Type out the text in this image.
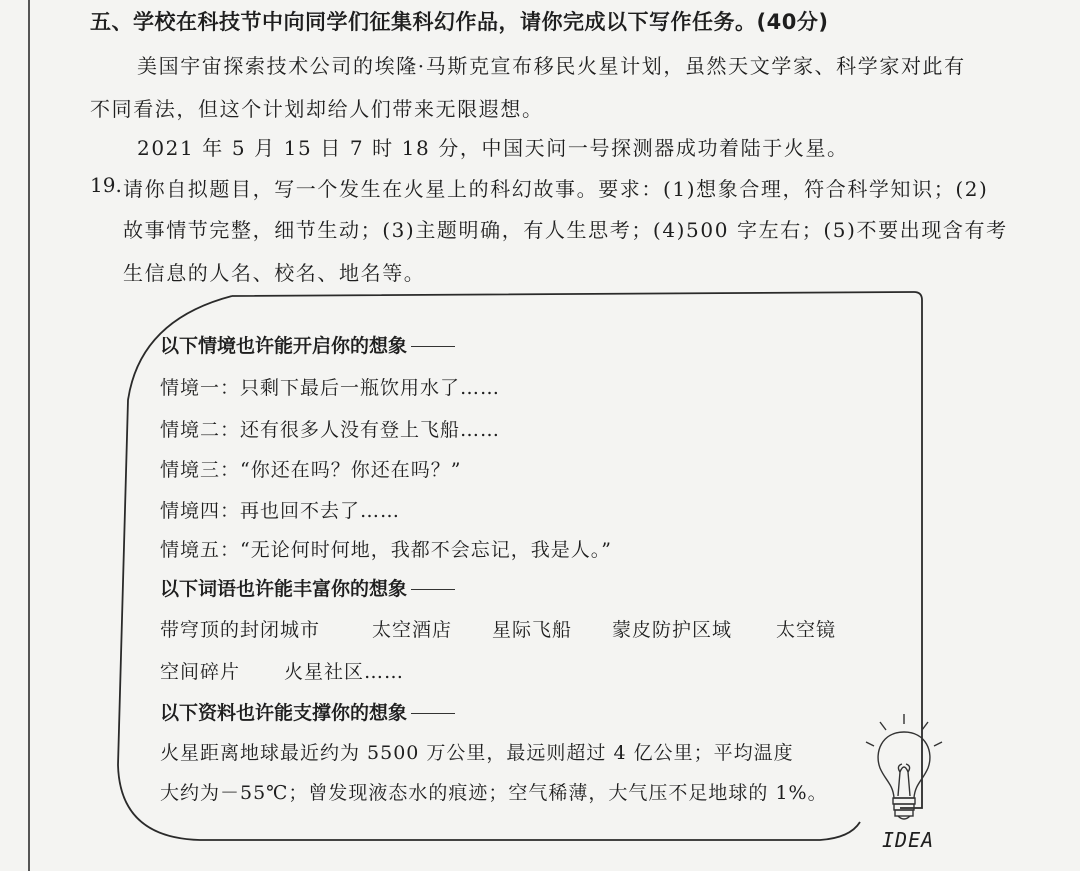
五、学校在科技节中向同学们征集科幻作品，请你完成以下写作任务。(40分)
美国宇宙探索技术公司的埃隆·马斯克宣布移民火星计划，虽然天文学家、科学家对此有
不同看法，但这个计划却给人们带来无限遐想。
2021 年 5 月 15 日 7 时 18 分，中国天问一号探测器成功着陆于火星。
19. 请你自拟题目，写一个发生在火星上的科幻故事。要求：(1)想象合理，符合科学知识；(2)
故事情节完整，细节生动；(3)主题明确，有人生思考；(4)500 字左右；(5)不要出现含有考
生信息的人名、校名、地名等。
以下情境也许能开启你的想象
情境一：只剩下最后一瓶饮用水了……
情境二：还有很多人没有登上飞船……
情境三：“你还在吗？你还在吗？”
情境四：再也回不去了……
情境五：“无论何时何地，我都不会忘记，我是人。”
以下词语也许能丰富你的想象
带穹顶的封闭城市	太空酒店 星际飞船 蒙皮防护区域 太空镜
空间碎片 火星社区……
以下资料也许能支撑你的想象
火星距离地球最近约为 5500 万公里，最远则超过 4 亿公里；平均温度
大约为－55℃；曾发现液态水的痕迹；空气稀薄，大气压不足地球的 1%。
IDEA
